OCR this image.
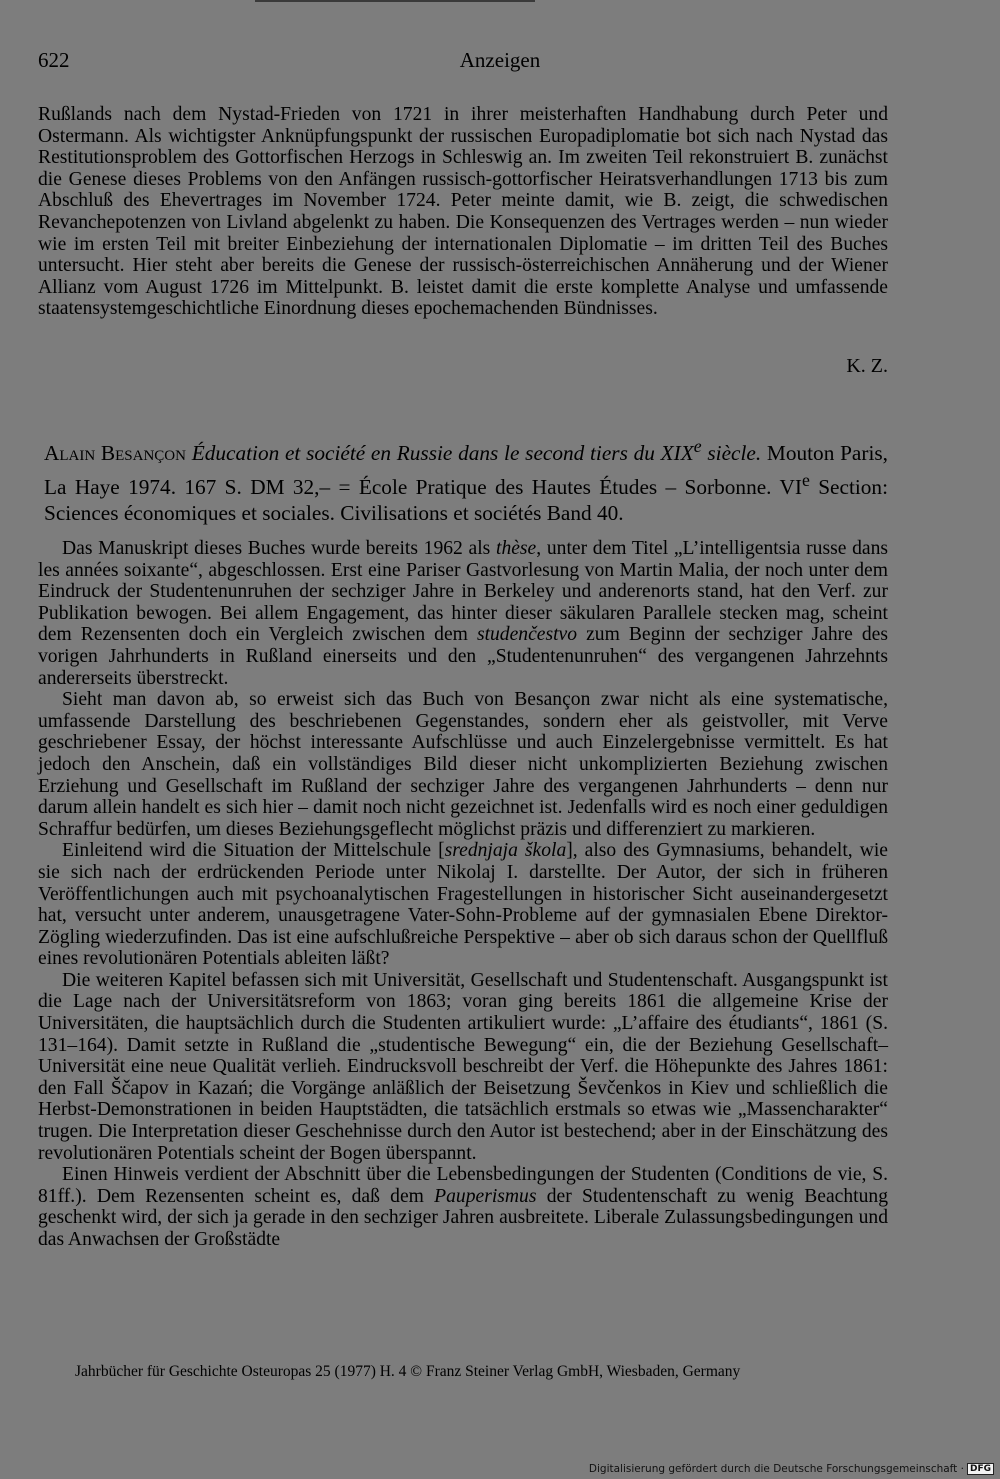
622	Anzeigen

Rußlands nach dem Nystad-Frieden von 1721 in ihrer meisterhaften Handhabung durch Peter und Ostermann. Als wichtigster Anknüpfungspunkt der russischen Europadiplomatie bot sich nach Nystad das Restitutionsproblem des Gottorfischen Herzogs in Schleswig an. Im zweiten Teil rekonstruiert B. zunächst die Genese dieses Problems von den Anfängen russisch-gottorfischer Heiratsverhandlungen 1713 bis zum Abschluß des Ehevertrages im November 1724. Peter meinte damit, wie B. zeigt, die schwedischen Revanchepotenzen von Livland abgelenkt zu haben. Die Konsequenzen des Vertrages werden – nun wieder wie im ersten Teil mit breiter Einbeziehung der internationalen Diplomatie – im dritten Teil des Buches untersucht. Hier steht aber bereits die Genese der russisch-österreichischen Annäherung und der Wiener Allianz vom August 1726 im Mittelpunkt. B. leistet damit die erste komplette Analyse und umfassende staatensystemgeschichtliche Einordnung dieses epochemachenden Bündnisses.

K. Z.
Alain Besançon Éducation et société en Russie dans le second tiers du XIXe siècle. Mouton Paris, La Haye 1974. 167 S. DM 32,– = École Pratique des Hautes Études – Sorbonne. VIe Section: Sciences économiques et sociales. Civilisations et sociétés Band 40.

Das Manuskript dieses Buches wurde bereits 1962 als thèse, unter dem Titel „L’intelligentsia russe dans les années soixante“, abgeschlossen. Erst eine Pariser Gastvorlesung von Martin Malia, der noch unter dem Eindruck der Studentenunruhen der sechziger Jahre in Berkeley und anderenorts stand, hat den Verf. zur Publikation bewogen. Bei allem Engagement, das hinter dieser säkularen Parallele stecken mag, scheint dem Rezensenten doch ein Vergleich zwischen dem studenčestvo zum Beginn der sechziger Jahre des vorigen Jahrhunderts in Rußland einerseits und den „Studentenunruhen“ des vergangenen Jahrzehnts andererseits überstreckt.

Sieht man davon ab, so erweist sich das Buch von Besançon zwar nicht als eine systematische, umfassende Darstellung des beschriebenen Gegenstandes, sondern eher als geistvoller, mit Verve geschriebener Essay, der höchst interessante Aufschlüsse und auch Einzelergebnisse vermittelt. Es hat jedoch den Anschein, daß ein vollständiges Bild dieser nicht unkomplizierten Beziehung zwischen Erziehung und Gesellschaft im Rußland der sechziger Jahre des vergangenen Jahrhunderts – denn nur darum allein handelt es sich hier – damit noch nicht gezeichnet ist. Jedenfalls wird es noch einer geduldigen Schraffur bedürfen, um dieses Beziehungsgeflecht möglichst präzis und differenziert zu markieren.

Einleitend wird die Situation der Mittelschule [srednjaja škola], also des Gymnasiums, behandelt, wie sie sich nach der erdrückenden Periode unter Nikolaj I. darstellte. Der Autor, der sich in früheren Veröffentlichungen auch mit psychoanalytischen Fragestellungen in historischer Sicht auseinandergesetzt hat, versucht unter anderem, unausgetragene Vater-Sohn-Probleme auf der gymnasialen Ebene Direktor-Zögling wiederzufinden. Das ist eine aufschlußreiche Perspektive – aber ob sich daraus schon der Quellfluß eines revolutionären Potentials ableiten läßt?

Die weiteren Kapitel befassen sich mit Universität, Gesellschaft und Studentenschaft. Ausgangspunkt ist die Lage nach der Universitätsreform von 1863; voran ging bereits 1861 die allgemeine Krise der Universitäten, die hauptsächlich durch die Studenten artikuliert wurde: „L’affaire des étudiants“, 1861 (S. 131–164). Damit setzte in Rußland die „studentische Bewegung“ ein, die der Beziehung Gesellschaft–Universität eine neue Qualität verlieh. Eindrucksvoll beschreibt der Verf. die Höhepunkte des Jahres 1861: den Fall Ščapov in Kazań; die Vorgänge anläßlich der Beisetzung Ševčenkos in Kiev und schließlich die Herbst-Demonstrationen in beiden Hauptstädten, die tatsächlich erstmals so etwas wie „Massencharakter“ trugen. Die Interpretation dieser Geschehnisse durch den Autor ist bestechend; aber in der Einschätzung des revolutionären Potentials scheint der Bogen überspannt.

Einen Hinweis verdient der Abschnitt über die Lebensbedingungen der Studenten (Conditions de vie, S. 81ff.). Dem Rezensenten scheint es, daß dem Pauperismus der Studentenschaft zu wenig Beachtung geschenkt wird, der sich ja gerade in den sechziger Jahren ausbreitete. Liberale Zulassungsbedingungen und das Anwachsen der Großstädte

Jahrbücher für Geschichte Osteuropas 25 (1977) H. 4 © Franz Steiner Verlag GmbH, Wiesbaden, Germany
Digitalisierung gefördert durch die Deutsche Forschungsgemeinschaft · DFG
